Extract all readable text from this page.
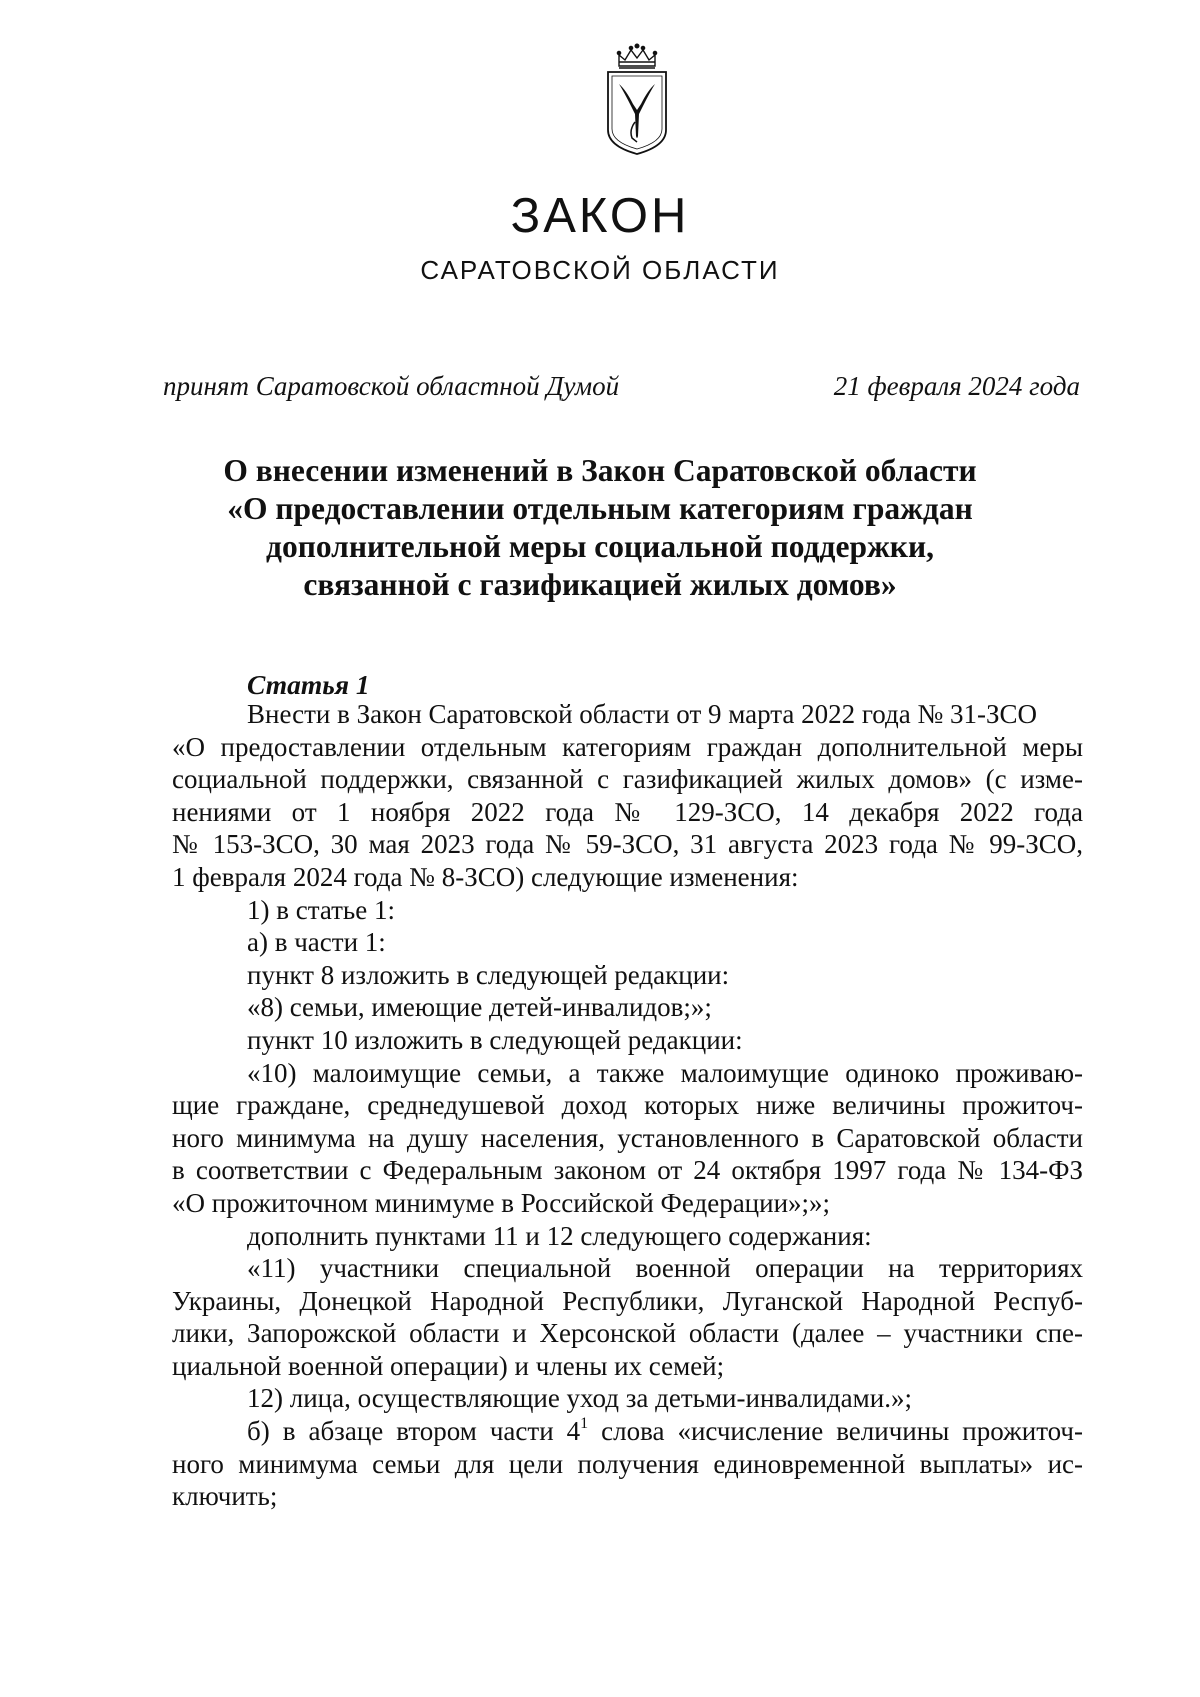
ЗАКОН
САРАТОВСКОЙ ОБЛАСТИ
принят Саратовской областной Думой	21 февраля 2024 года
О внесении изменений в Закон Саратовской области
«О предоставлении отдельным категориям граждан
дополнительной меры социальной поддержки,
связанной с газификацией жилых домов»
Статья 1
Внести в Закон Саратовской области от 9 марта 2022 года № 31-ЗСО
«О предоставлении отдельным категориям граждан дополнительной меры
социальной поддержки, связанной с газификацией жилых домов» (с изме-
нениями от 1 ноября 2022 года № 129-ЗСО, 14 декабря 2022 года
№ 153-ЗСО, 30 мая 2023 года № 59-ЗСО, 31 августа 2023 года № 99-ЗСО,
1 февраля 2024 года № 8-ЗСО) следующие изменения:
1) в статье 1:
а) в части 1:
пункт 8 изложить в следующей редакции:
«8) семьи, имеющие детей-инвалидов;»;
пункт 10 изложить в следующей редакции:
«10) малоимущие семьи, а также малоимущие одиноко проживаю-
щие граждане, среднедушевой доход которых ниже величины прожиточ-
ного минимума на душу населения, установленного в Саратовской области
в соответствии с Федеральным законом от 24 октября 1997 года № 134-ФЗ
«О прожиточном минимуме в Российской Федерации»;»;
дополнить пунктами 11 и 12 следующего содержания:
«11) участники специальной военной операции на территориях
Украины, Донецкой Народной Республики, Луганской Народной Респуб-
лики, Запорожской области и Херсонской области (далее – участники спе-
циальной военной операции) и члены их семей;
12) лица, осуществляющие уход за детьми-инвалидами.»;
б) в абзаце втором части $4^1$ слова «исчисление величины прожиточ-
ного минимума семьи для цели получения единовременной выплаты» ис-
ключить;
